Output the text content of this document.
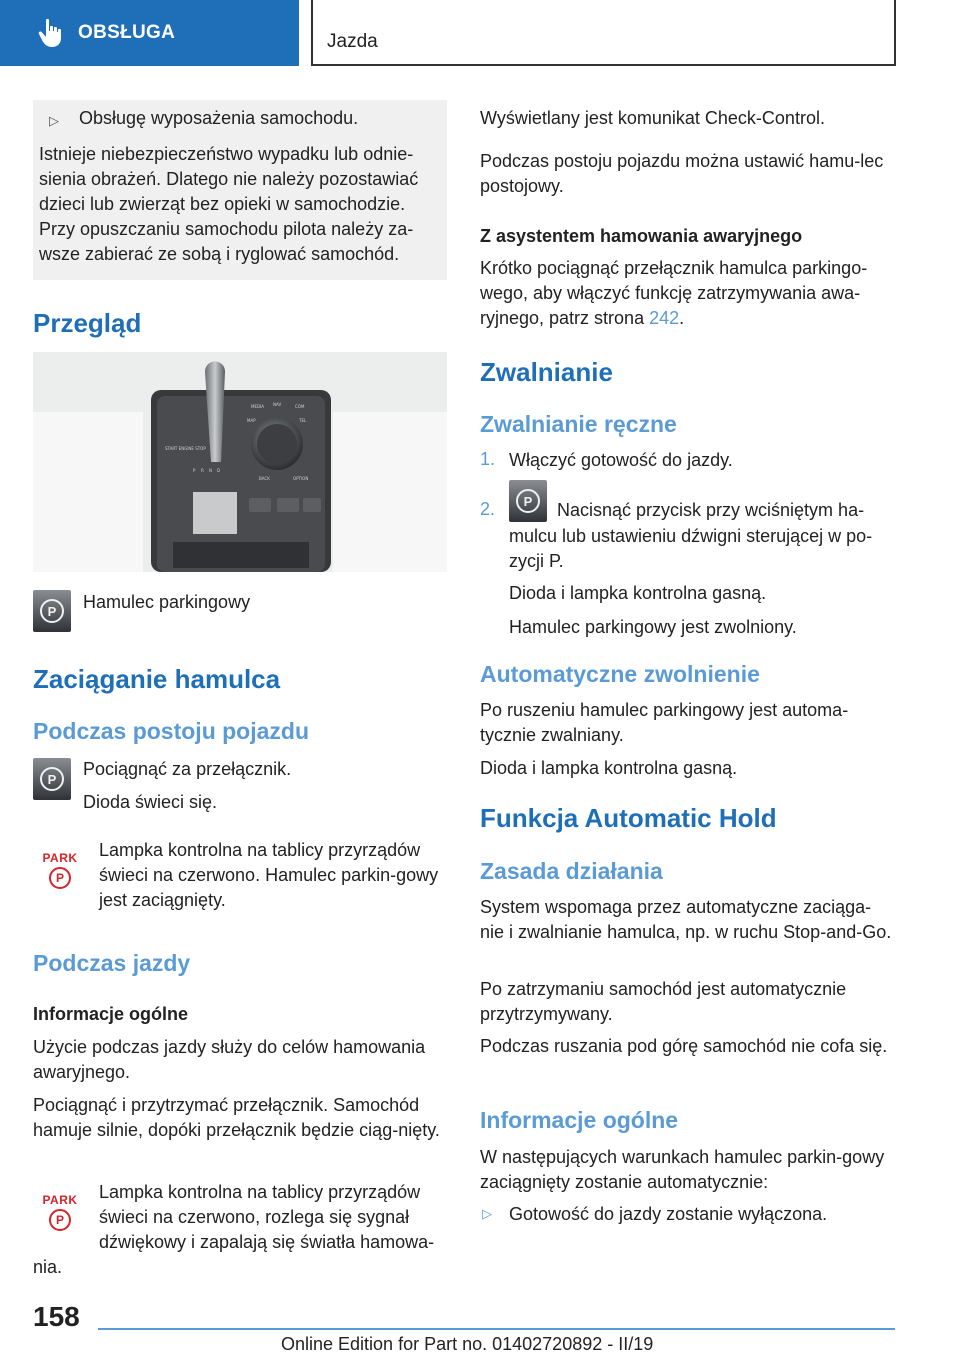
OBSŁUGA	Jazda
▷	Obsługę wyposażenia samochodu.

Istnieje niebezpieczeństwo wypadku lub odnie-sienia obrażeń. Dlatego nie należy pozostawiać dzieci lub zwierząt bez opieki w samochodzie. Przy opuszczaniu samochodu pilota należy za-wsze zabierać ze sobą i ryglować samochód.

Przegląd
START ENGINE STOP
MEDIA NAV	COM
MAP	TEL
BACK	OPTION
P R N D
P	Hamulec parkingowy

Zaciąganie hamulca
Podczas postoju pojazdu
P	Pociągnąć za przełącznik.

Dioda świeci się.

PARK
P

Lampka kontrolna na tablicy przyrządów świeci na czerwono. Hamulec parkin-gowy jest zaciągnięty.

Podczas jazdy
Informacje ogólne

Użycie podczas jazdy służy do celów hamowania awaryjnego.

Pociągnąć i przytrzymać przełącznik. Samochód hamuje silnie, dopóki przełącznik będzie ciąg-nięty.

PARK
P

Lampka kontrolna na tablicy przyrządów świeci na czerwono, rozlega się sygnał dźwiękowy i zapalają się światła hamowa-

nia.

Wyświetlany jest komunikat Check-Control.

Podczas postoju pojazdu można ustawić hamu-lec postojowy.

Z asystentem hamowania awaryjnego

Krótko pociągnąć przełącznik hamulca parkingo-wego, aby włączyć funkcję zatrzymywania awa-ryjnego, patrz strona 242.

Zwalnianie
Zwalnianie ręczne
1. Włączyć gotowość do jazdy.

2.	P	Nacisnąć przycisk przy wciśniętym ha-

mulcu lub ustawieniu dźwigni sterującej w po-zycji P.

Dioda i lampka kontrolna gasną.

Hamulec parkingowy jest zwolniony.

Automatyczne zwolnienie

Po ruszeniu hamulec parkingowy jest automa-tycznie zwalniany.

Dioda i lampka kontrolna gasną.

Funkcja Automatic Hold
Zasada działania

System wspomaga przez automatyczne zaciąga-nie i zwalnianie hamulca, np. w ruchu Stop-and-Go.

Po zatrzymaniu samochód jest automatycznie przytrzymywany.

Podczas ruszania pod górę samochód nie cofa się.

Informacje ogólne

W następujących warunkach hamulec parkin-gowy zaciągnięty zostanie automatycznie:

▷ Gotowość do jazdy zostanie wyłączona.

158
Online Edition for Part no. 01402720892 - II/19
